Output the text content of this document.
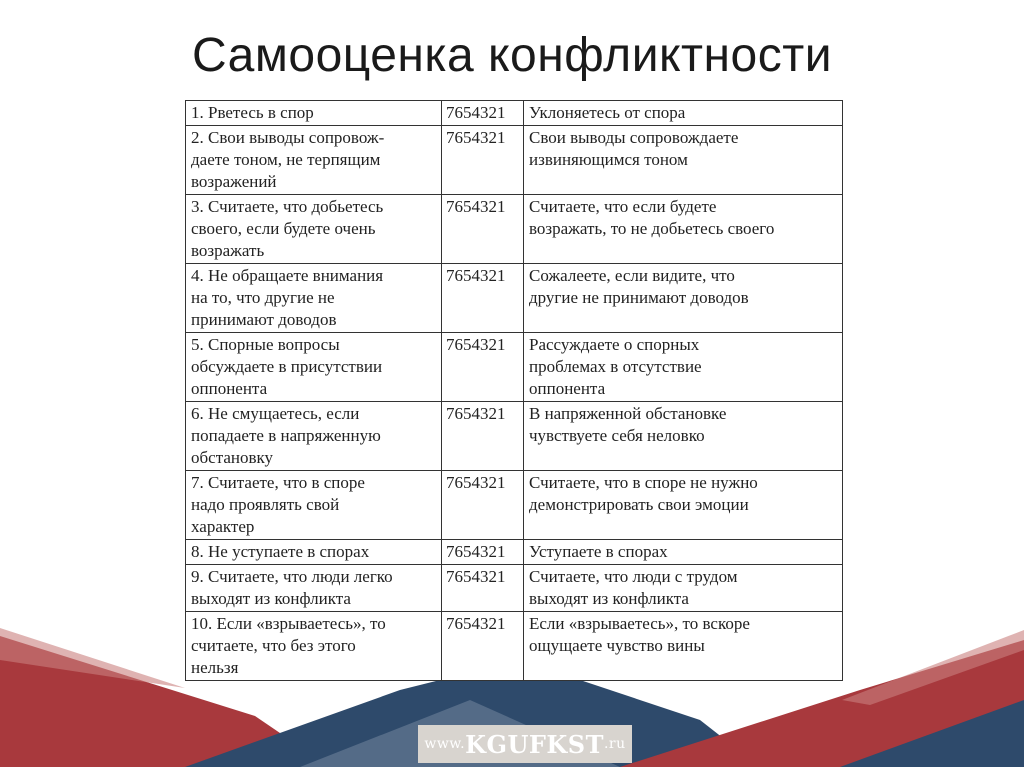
Самооценка конфликтности
1. Рветесь в спор	7654321	Уклоняетесь от спора
2. Свои выводы сопровож-
даете тоном, не терпящим
возражений	7654321	Свои выводы сопровождаете
извиняющимся тоном
3. Считаете, что добьетесь
своего, если будете очень
возражать	7654321	Считаете, что если будете
возражать, то не добьетесь своего
4. Не обращаете внимания
на то, что другие не
принимают доводов	7654321	Сожалеете, если видите, что
другие не принимают доводов
5. Спорные вопросы
обсуждаете в присутствии
оппонента	7654321	Рассуждаете о спорных
проблемах в отсутствие
оппонента
6. Не смущаетесь, если
попадаете в напряженную
обстановку	7654321	В напряженной обстановке
чувствуете себя неловко
7. Считаете, что в споре
надо проявлять свой
характер	7654321	Считаете, что в споре не нужно
демонстрировать свои эмоции
8. Не уступаете в спорах	7654321	Уступаете в спорах
9. Считаете, что люди легко
выходят из конфликта	7654321	Считаете, что люди с трудом
выходят из конфликта
10. Если «взрываетесь», то
считаете, что без этого
нельзя	7654321	Если «взрываетесь», то вскоре
ощущаете чувство вины
www. KGUFKST .ru
